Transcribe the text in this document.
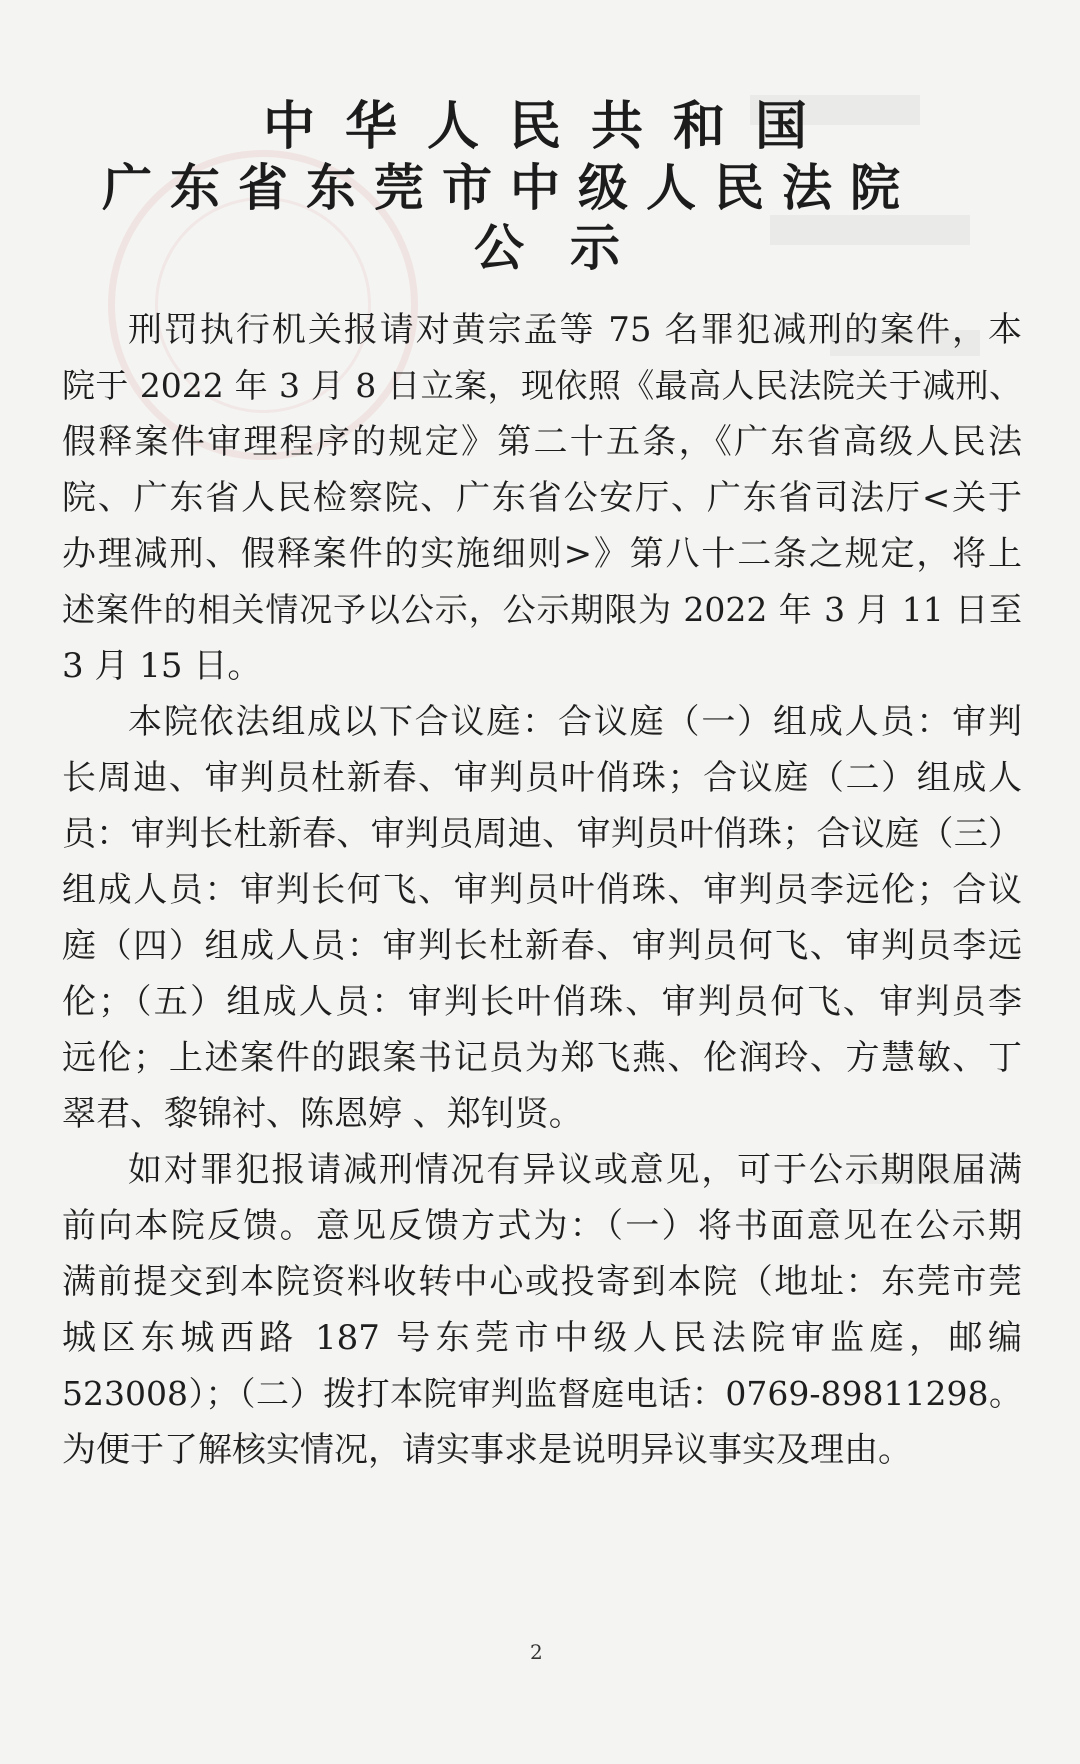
中华人民共和国
广东省东莞市中级人民法院
公示

刑罚执行机关报请对黄宗孟等 75 名罪犯减刑的案件，本

院于 2022 年 3 月 8 日立案，现依照《最高人民法院关于减刑、

假释案件审理程序的规定》第二十五条，《广东省高级人民法

院、广东省人民检察院、广东省公安厅、广东省司法厅<关于

办理减刑、假释案件的实施细则>》第八十二条之规定，将上

述案件的相关情况予以公示，公示期限为 2022 年 3 月 11 日至

3 月 15 日。

本院依法组成以下合议庭：合议庭（一）组成人员：审判

长周迪、审判员杜新春、审判员叶俏珠；合议庭（二）组成人

员：审判长杜新春、审判员周迪、审判员叶俏珠；合议庭（三）

组成人员：审判长何飞、审判员叶俏珠、审判员李远伦；合议

庭（四）组成人员：审判长杜新春、审判员何飞、审判员李远

伦；（五）组成人员：审判长叶俏珠、审判员何飞、审判员李

远伦；上述案件的跟案书记员为郑飞燕、伦润玲、方慧敏、丁

翠君、黎锦衬、陈恩婷 、郑钊贤。

如对罪犯报请减刑情况有异议或意见，可于公示期限届满

前向本院反馈。意见反馈方式为：（一）将书面意见在公示期

满前提交到本院资料收转中心或投寄到本院（地址：东莞市莞

城区东城西路 187 号东莞市中级人民法院审监庭，邮编

523008）；（二）拨打本院审判监督庭电话：0769-89811298。

为便于了解核实情况，请实事求是说明异议事实及理由。

2
